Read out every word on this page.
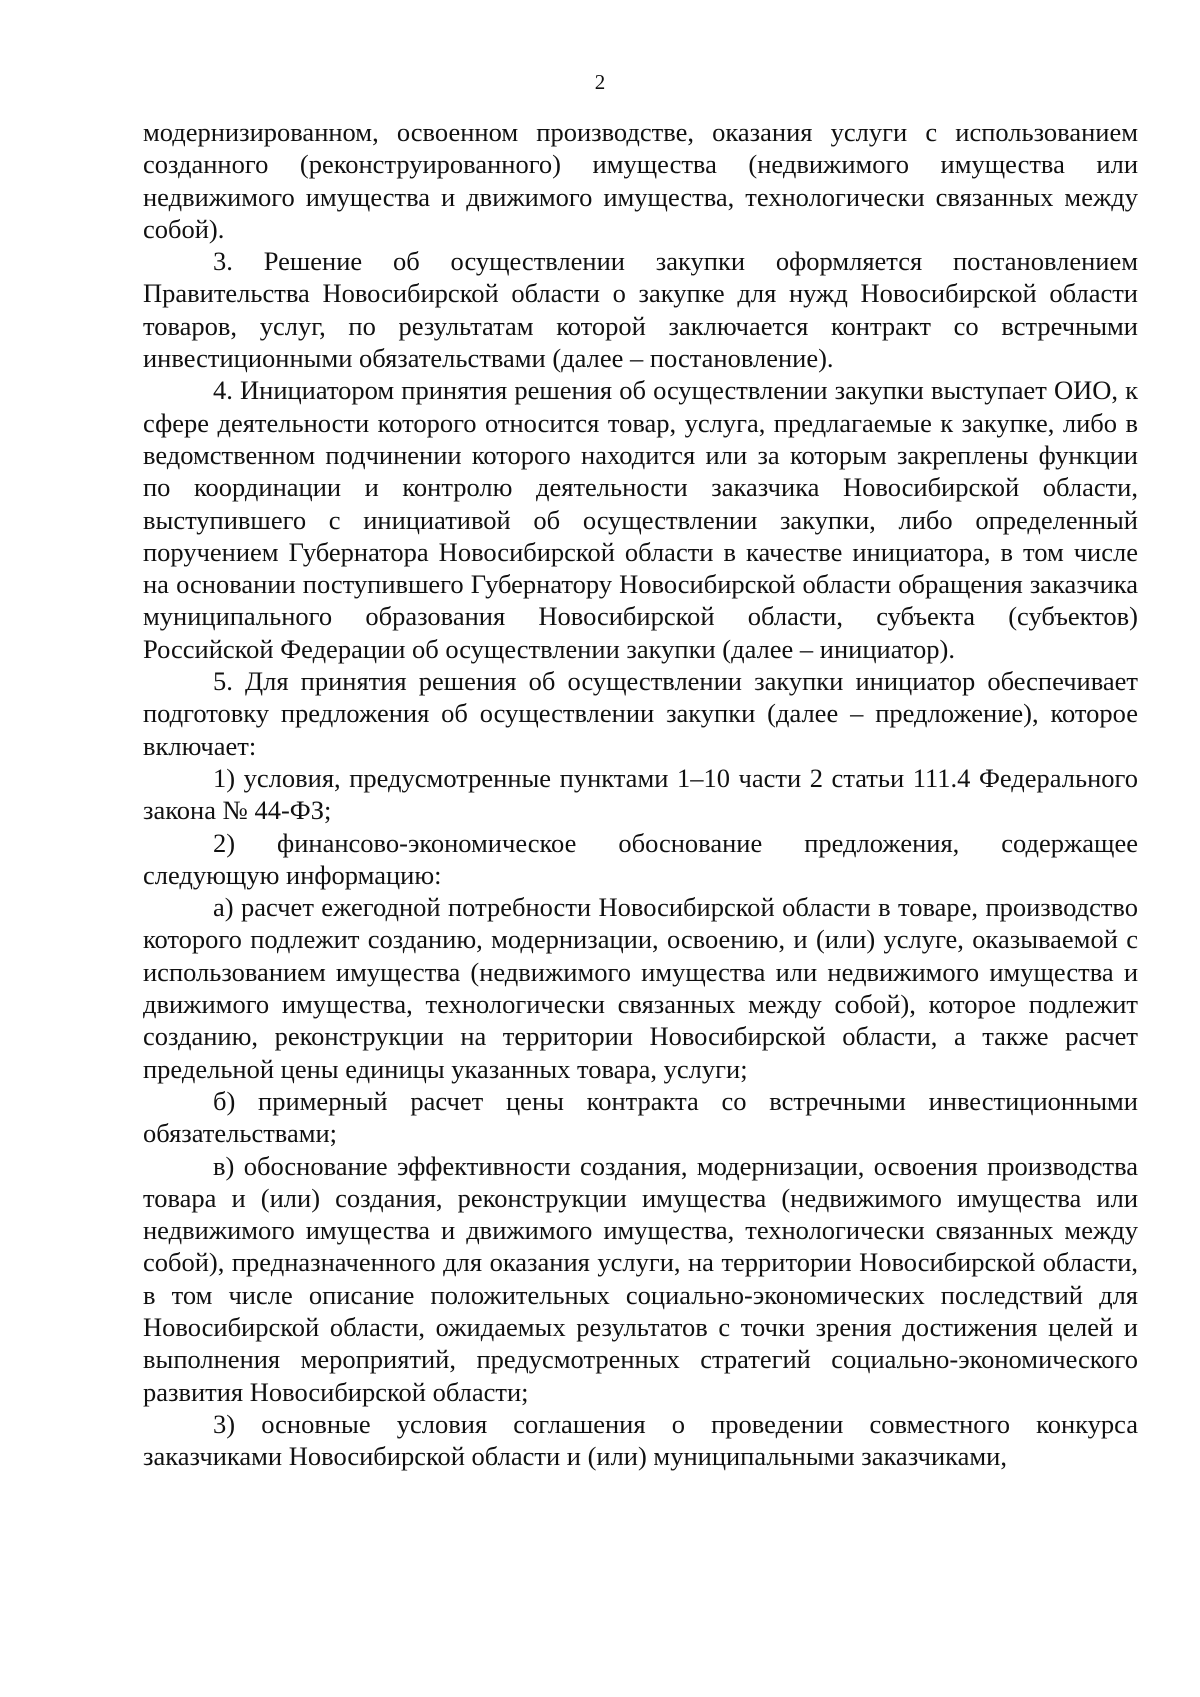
2

модернизированном, освоенном производстве, оказания услуги с использованием созданного (реконструированного) имущества (недвижимого имущества или недвижимого имущества и движимого имущества, технологически связанных между собой).

3. Решение об осуществлении закупки оформляется постановлением Правительства Новосибирской области о закупке для нужд Новосибирской области товаров, услуг, по результатам которой заключается контракт со встречными инвестиционными обязательствами (далее – постановление).

4. Инициатором принятия решения об осуществлении закупки выступает ОИО, к сфере деятельности которого относится товар, услуга, предлагаемые к закупке, либо в ведомственном подчинении которого находится или за которым закреплены функции по координации и контролю деятельности заказчика Новосибирской области, выступившего с инициативой об осуществлении закупки, либо определенный поручением Губернатора Новосибирской области в качестве инициатора, в том числе на основании поступившего Губернатору Новосибирской области обращения заказчика муниципального образования Новосибирской области, субъекта (субъектов) Российской Федерации об осуществлении закупки (далее – инициатор).

5. Для принятия решения об осуществлении закупки инициатор обеспечивает подготовку предложения об осуществлении закупки (далее – предложение), которое включает:

1) условия, предусмотренные пунктами 1–10 части 2 статьи 111.4 Федерального закона № 44-ФЗ;

2) финансово-экономическое обоснование предложения, содержащее следующую информацию:

а) расчет ежегодной потребности Новосибирской области в товаре, производство которого подлежит созданию, модернизации, освоению, и (или) услуге, оказываемой с использованием имущества (недвижимого имущества или недвижимого имущества и движимого имущества, технологически связанных между собой), которое подлежит созданию, реконструкции на территории Новосибирской области, а также расчет предельной цены единицы указанных товара, услуги;

б) примерный расчет цены контракта со встречными инвестиционными обязательствами;

в) обоснование эффективности создания, модернизации, освоения производства товара и (или) создания, реконструкции имущества (недвижимого имущества или недвижимого имущества и движимого имущества, технологически связанных между собой), предназначенного для оказания услуги, на территории Новосибирской области, в том числе описание положительных социально-экономических последствий для Новосибирской области, ожидаемых результатов с точки зрения достижения целей и выполнения мероприятий, предусмотренных стратегий социально-экономического развития Новосибирской области;

3) основные условия соглашения о проведении совместного конкурса заказчиками Новосибирской области и (или) муниципальными заказчиками,
